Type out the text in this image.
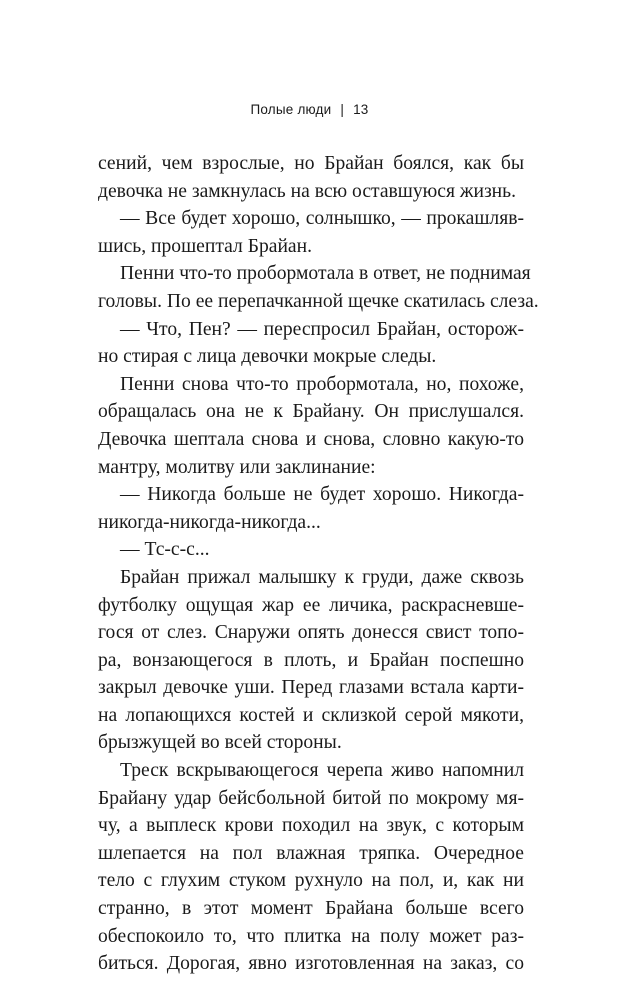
Полые люди | 13
сений, чем взрослые, но Брайан боялся, как бы
девочка не замкнулась на всю оставшуюся жизнь.
— Все будет хорошо, солнышко, — прокашляв-
шись, прошептал Брайан.
Пенни что-то пробормотала в ответ, не поднимая
головы. По ее перепачканной щечке скатилась слеза.
— Что, Пен? — переспросил Брайан, осторож-
но стирая с лица девочки мокрые следы.
Пенни снова что-то пробормотала, но, похоже,
обращалась она не к Брайану. Он прислушался.
Девочка шептала снова и снова, словно какую-то
мантру, молитву или заклинание:
— Никогда больше не будет хорошо. Никогда-
никогда-никогда-никогда...
— Тс-с-с...
Брайан прижал малышку к груди, даже сквозь
футболку ощущая жар ее личика, раскрасневше-
гося от слез. Снаружи опять донесся свист топо-
ра, вонзающегося в плоть, и Брайан поспешно
закрыл девочке уши. Перед глазами встала карти-
на лопающихся костей и склизкой серой мякоти,
брызжущей во всей стороны.
Треск вскрывающегося черепа живо напомнил
Брайану удар бейсбольной битой по мокрому мя-
чу, а выплеск крови походил на звук, с которым
шлепается на пол влажная тряпка. Очередное
тело с глухим стуком рухнуло на пол, и, как ни
странно, в этот момент Брайана больше всего
обеспокоило то, что плитка на полу может раз-
биться. Дорогая, явно изготовленная на заказ, со
